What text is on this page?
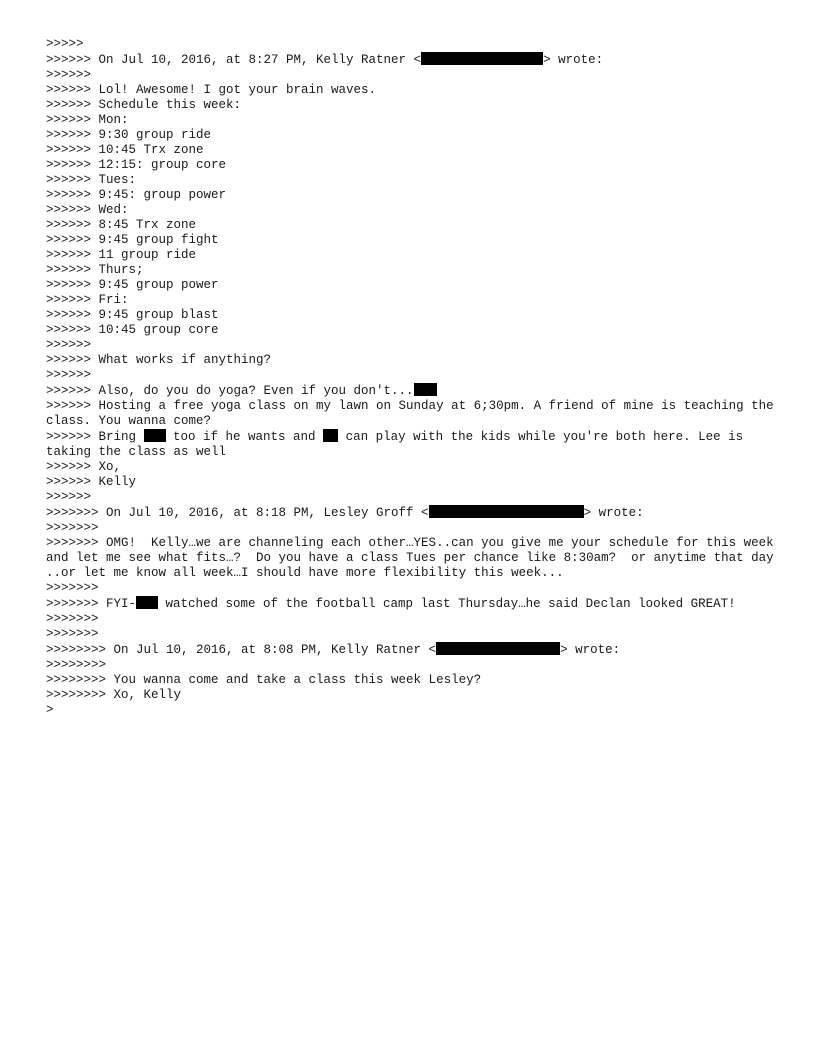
>>>>>
>>>>>> On Jul 10, 2016, at 8:27 PM, Kelly Ratner <	> wrote:
>>>>>>
>>>>>> Lol! Awesome! I got your brain waves.
>>>>>> Schedule this week:
>>>>>> Mon:
>>>>>> 9:30 group ride
>>>>>> 10:45 Trx zone
>>>>>> 12:15: group core
>>>>>> Tues:
>>>>>> 9:45: group power
>>>>>> Wed:
>>>>>> 8:45 Trx zone
>>>>>> 9:45 group fight
>>>>>> 11 group ride
>>>>>> Thurs;
>>>>>> 9:45 group power
>>>>>> Fri:
>>>>>> 9:45 group blast
>>>>>> 10:45 group core
>>>>>>
>>>>>> What works if anything?
>>>>>>
>>>>>> Also, do you do yoga? Even if you don't...
>>>>>> Hosting a free yoga class on my lawn on Sunday at 6;30pm. A friend of mine is teaching the class. You wanna come?
>>>>>> Bring  too if he wants and  can play with the kids while you're both here. Lee is taking the class as well
>>>>>> Xo,
>>>>>> Kelly
>>>>>>
>>>>>>> On Jul 10, 2016, at 8:18 PM, Lesley Groff <	> wrote:
>>>>>>>
>>>>>>> OMG!  Kelly…we are channeling each other…YES..can you give me your schedule for this week and let me see what fits…?  Do you have a class Tues per chance like 8:30am?  or anytime that day ..or let me know all week…I should have more flexibility this week...
>>>>>>>
>>>>>>> FYI- watched some of the football camp last Thursday…he said Declan looked GREAT!
>>>>>>>
>>>>>>>
>>>>>>>> On Jul 10, 2016, at 8:08 PM, Kelly Ratner <	> wrote:
>>>>>>>>
>>>>>>>> You wanna come and take a class this week Lesley?
>>>>>>>> Xo, Kelly
>
